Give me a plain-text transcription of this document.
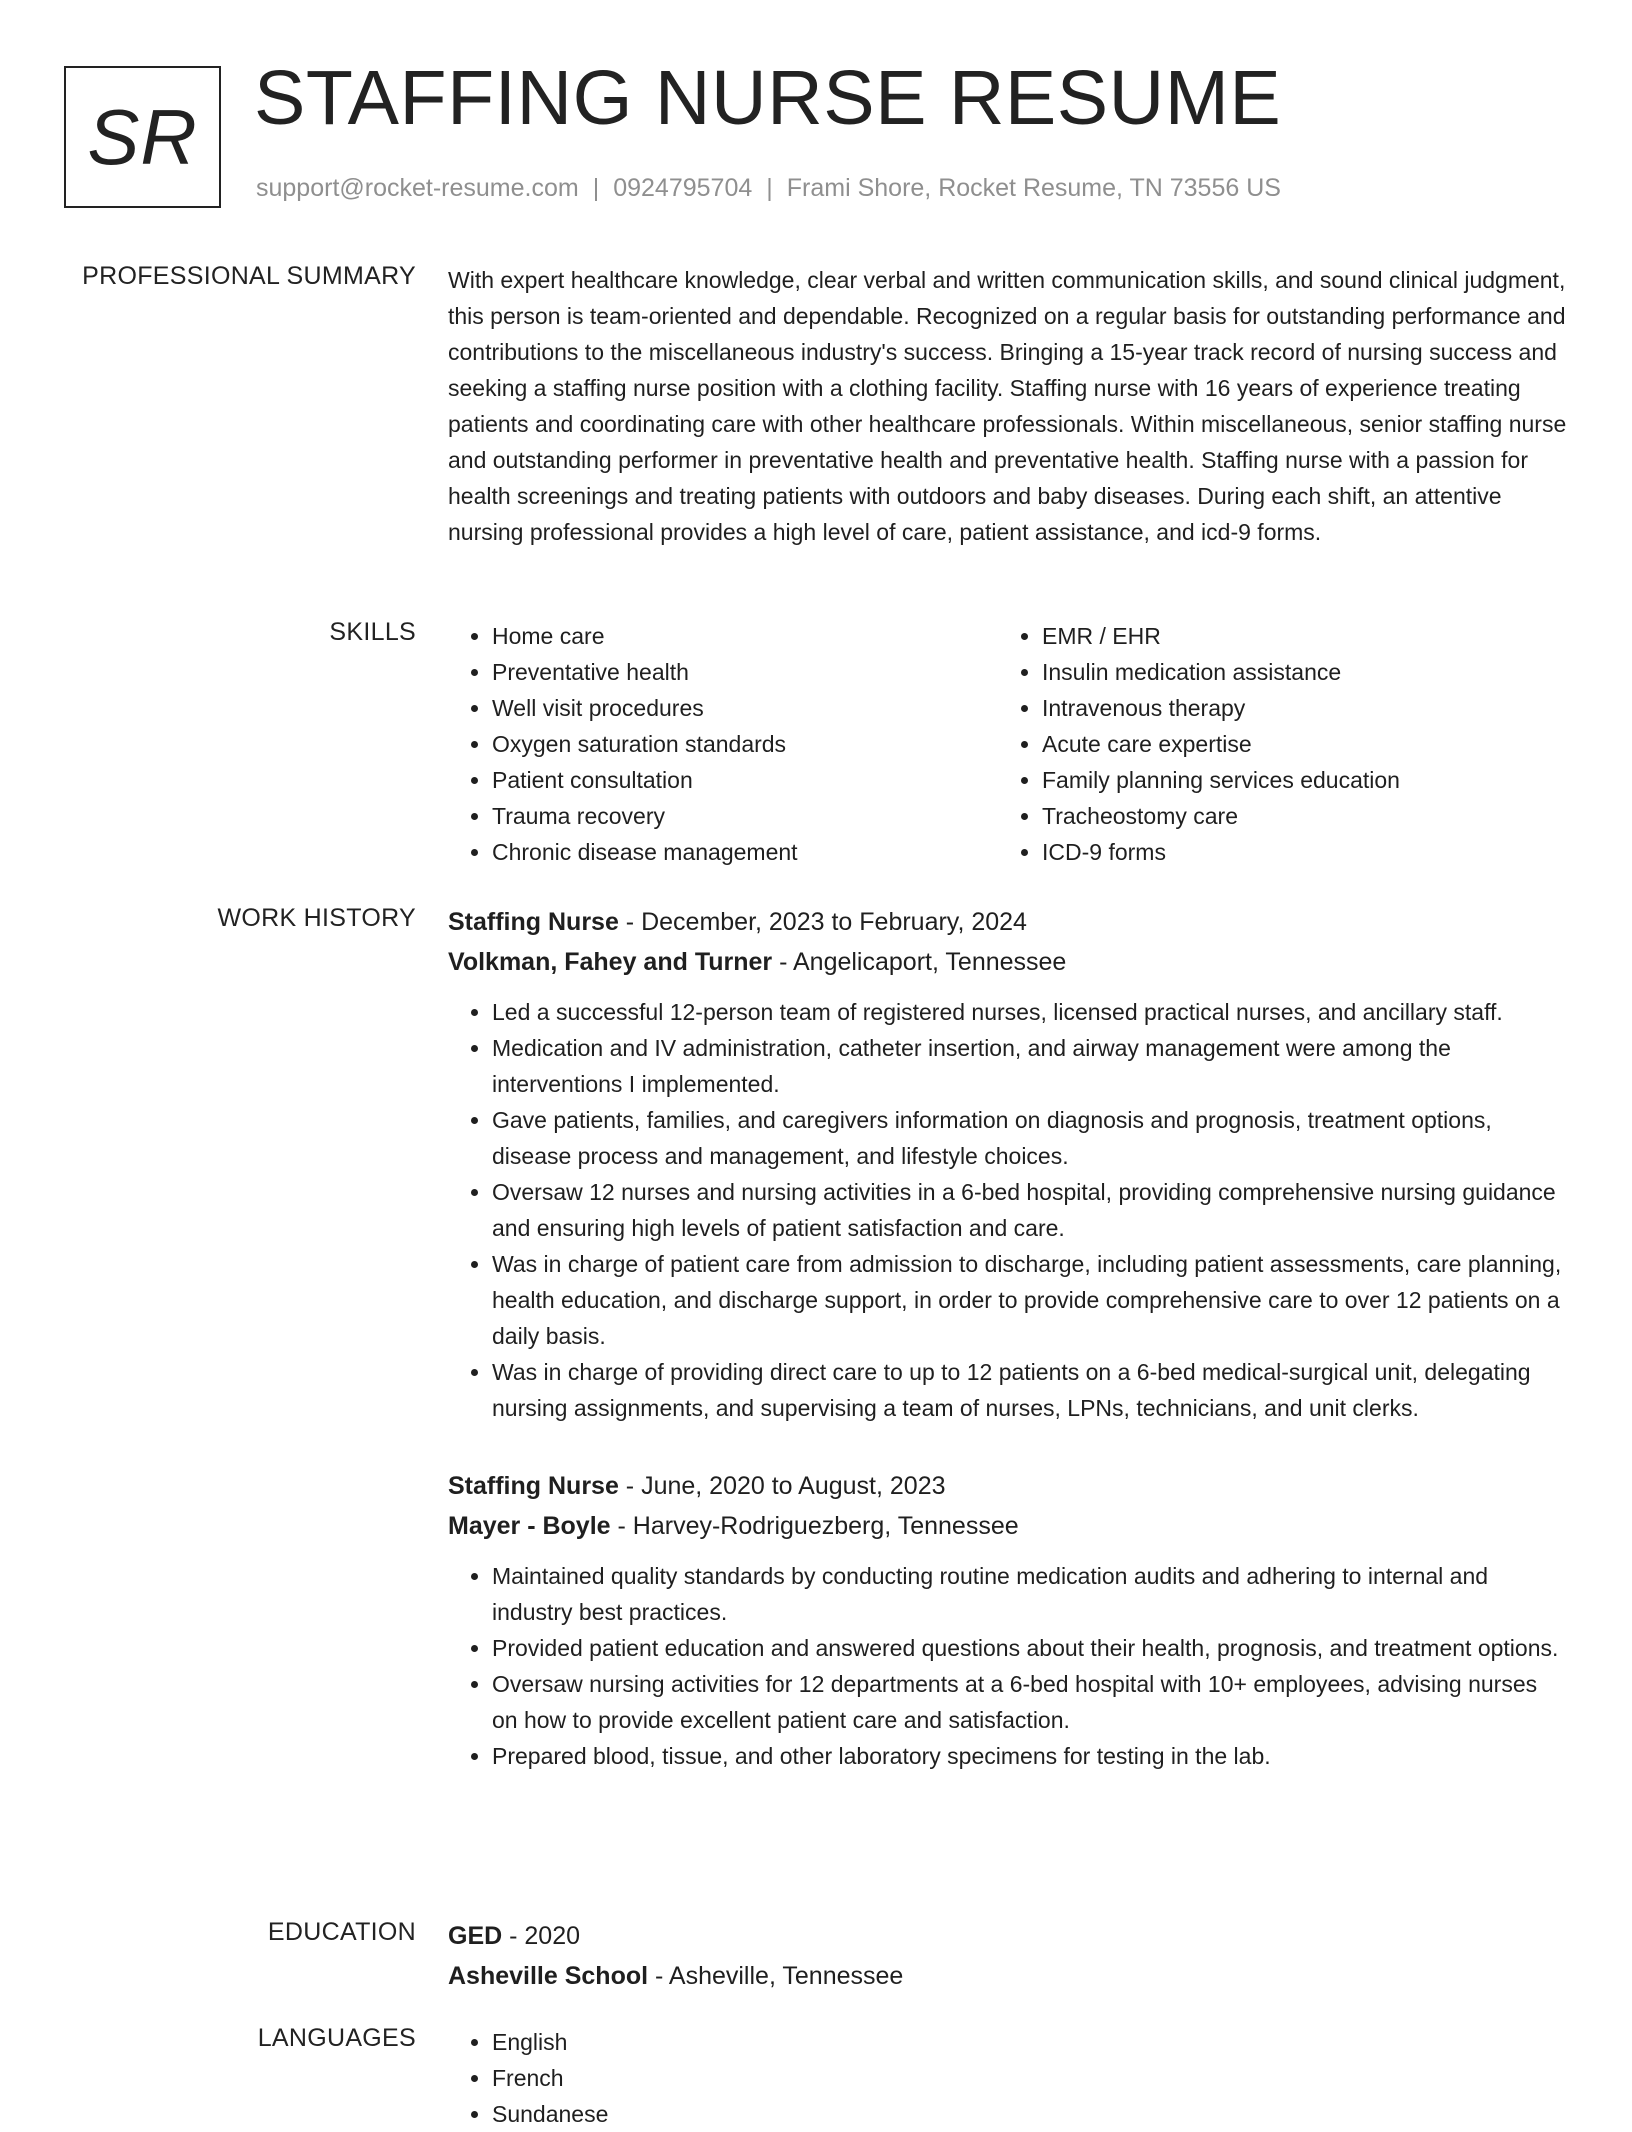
SR STAFFING NURSE RESUME
support@rocket-resume.com | 0924795704 | Frami Shore, Rocket Resume, TN 73556 US
PROFESSIONAL SUMMARY With expert healthcare knowledge, clear verbal and written communication skills, and sound clinical judgment, this person is team-oriented and dependable. Recognized on a regular basis for outstanding performance and contributions to the miscellaneous industry's success. Bringing a 15-year track record of nursing success and seeking a staffing nurse position with a clothing facility. Staffing nurse with 16 years of experience treating patients and coordinating care with other healthcare professionals. Within miscellaneous, senior staffing nurse and outstanding performer in preventative health and preventative health. Staffing nurse with a passion for health screenings and treating patients with outdoors and baby diseases. During each shift, an attentive nursing professional provides a high level of care, patient assistance, and icd-9 forms.

SKILLS	• Home care
• Preventative health
• Well visit procedures
• Oxygen saturation standards
• Patient consultation
• Trauma recovery
• Chronic disease management
• EMR / EHR
• Insulin medication assistance
• Intravenous therapy
• Acute care expertise
• Family planning services education
• Tracheostomy care
• ICD-9 forms
WORK HISTORY Staffing Nurse - December, 2023 to February, 2024
Volkman, Fahey and Turner - Angelicaport, Tennessee
• Led a successful 12-person team of registered nurses, licensed practical nurses, and ancillary staff.
• Medication and IV administration, catheter insertion, and airway management were among the interventions I implemented.
• Gave patients, families, and caregivers information on diagnosis and prognosis, treatment options, disease process and management, and lifestyle choices.
• Oversaw 12 nurses and nursing activities in a 6-bed hospital, providing comprehensive nursing guidance and ensuring high levels of patient satisfaction and care.
• Was in charge of patient care from admission to discharge, including patient assessments, care planning, health education, and discharge support, in order to provide comprehensive care to over 12 patients on a daily basis.
• Was in charge of providing direct care to up to 12 patients on a 6-bed medical-surgical unit, delegating nursing assignments, and supervising a team of nurses, LPNs, technicians, and unit clerks.
Staffing Nurse - June, 2020 to August, 2023
Mayer - Boyle - Harvey-Rodriguezberg, Tennessee
• Maintained quality standards by conducting routine medication audits and adhering to internal and industry best practices.
• Provided patient education and answered questions about their health, prognosis, and treatment options.
• Oversaw nursing activities for 12 departments at a 6-bed hospital with 10+ employees, advising nurses on how to provide excellent patient care and satisfaction.
• Prepared blood, tissue, and other laboratory specimens for testing in the lab.
EDUCATION GED - 2020
Asheville School - Asheville, Tennessee
LANGUAGES	• English
• French
• Sundanese
